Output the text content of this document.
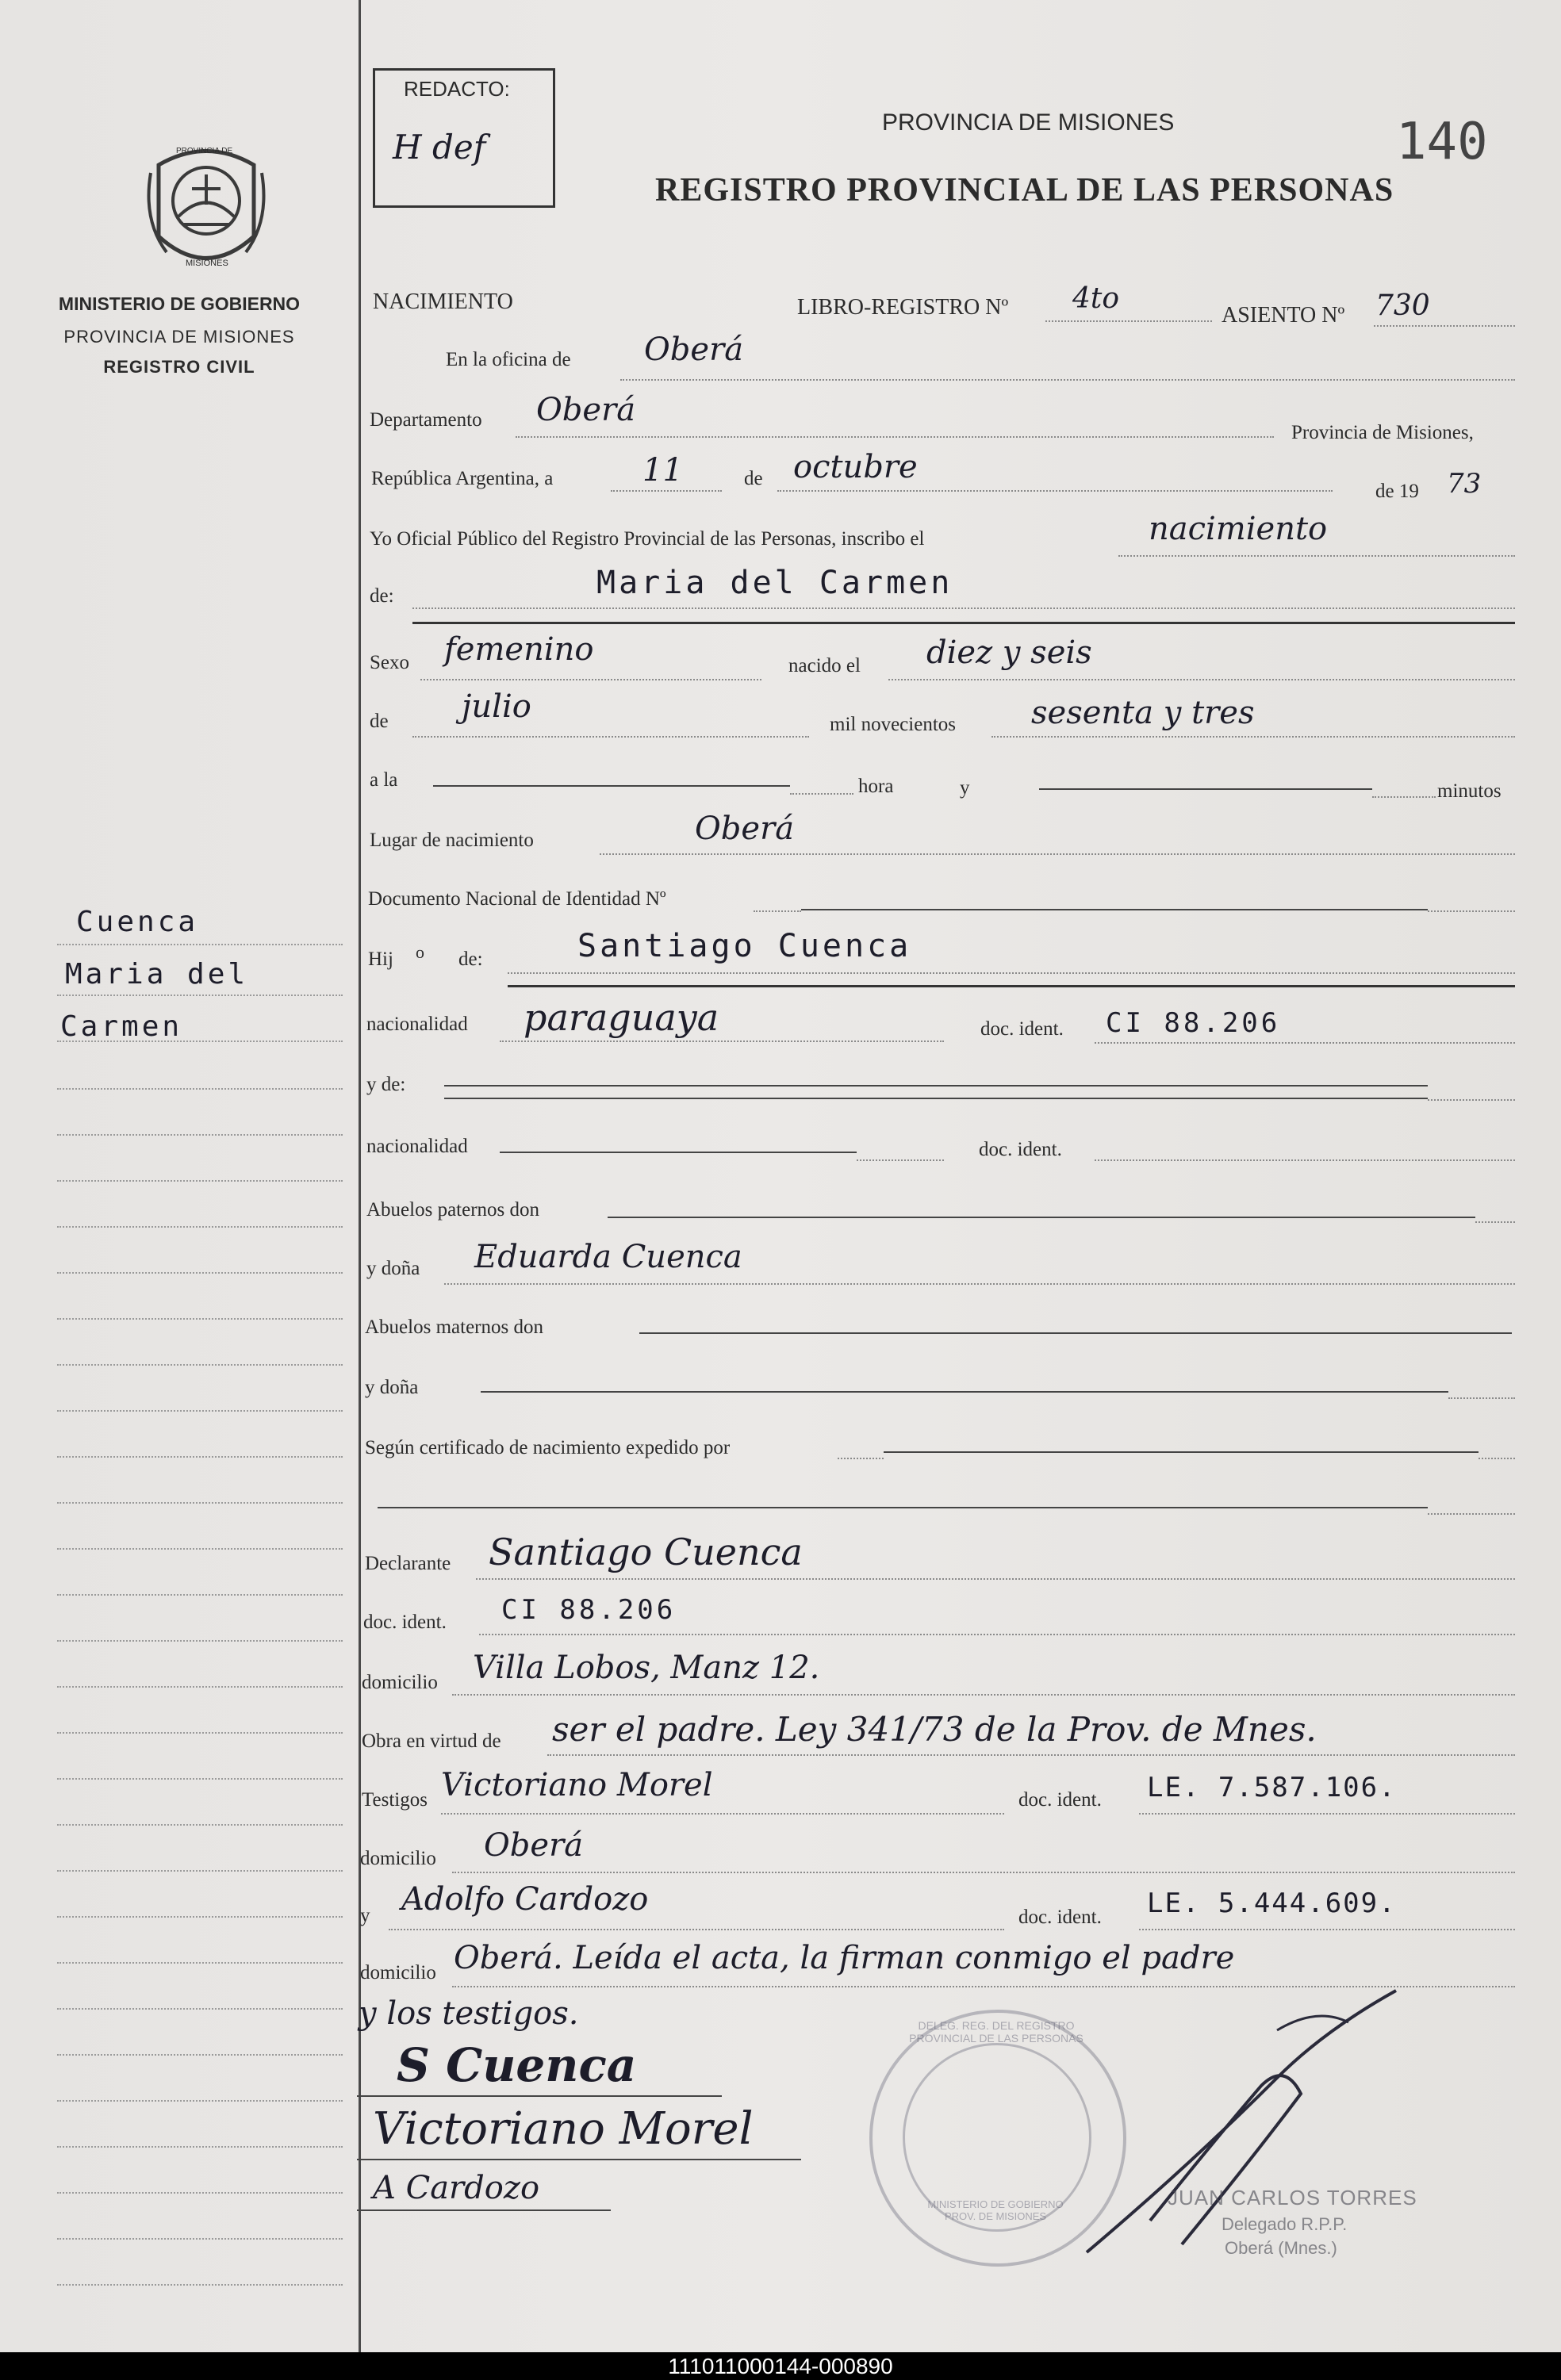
REDACTO:
H def	140
PROVINCIA DE MISIONES
REGISTRO PROVINCIAL DE LAS PERSONAS
PROVINCIA DE
MISIONES
MINISTERIO DE GOBIERNO
PROVINCIA DE MISIONES
REGISTRO CIVIL
Cuenca
Maria del
Carmen
NACIMIENTO	LIBRO-REGISTRO Nº 4to
ASIENTO Nº 730
En la oficina de Oberá
Departamento Oberá
Provincia de Misiones,
República Argentina, a	11	de octubre
de 19 73
Yo Oficial Público del Registro Provincial de las Personas, inscribo el	nacimiento
de:	Maria del Carmen
Sexo femenino	nacido el diez y seis
de julio	mil novecientos sesenta y tres
a la	hora	y	minutos
Lugar de nacimiento	Oberá
Documento Nacional de Identidad Nº
Hij o de:	Santiago Cuenca
nacionalidad paraguaya	doc. ident. CI 88.206
y de:
nacionalidad	doc. ident.
Abuelos paternos don
y doña Eduarda Cuenca
Abuelos maternos don
y doña
Según certificado de nacimiento expedido por
Declarante Santiago Cuenca
doc. ident. CI 88.206
domicilio Villa Lobos, Manz 12.
Obra en virtud de ser el padre. Ley 341/73 de la Prov. de Mnes.
Testigos Victoriano Morel	doc. ident. LE. 7.587.106.
domicilio Oberá
y Adolfo Cardozo	doc. ident. LE. 5.444.609.
domicilio Oberá. Leída el acta, la firman conmigo el padre
y los testigos.
S Cuenca
Victoriano Morel
A Cardozo
DELEG. REG. DEL REGISTRO PROVINCIAL DE LAS PERSONAS
MINISTERIO DE GOBIERNO PROV. DE MISIONES
JUAN CARLOS TORRES
Delegado R.P.P.
Oberá (Mnes.)
111011000144-000890
